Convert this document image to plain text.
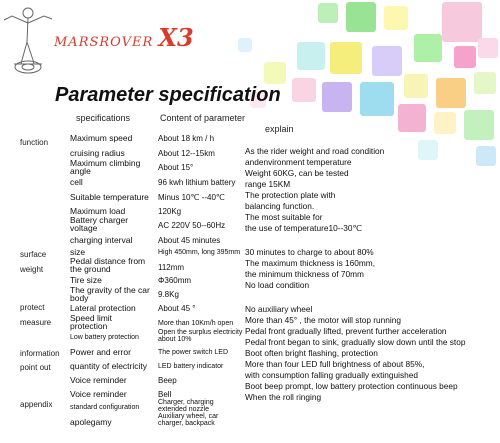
MARSROVER X3
Parameter specification
specifications	Content of parameter
explain
function
surface
weight
protect
measure
information
point out
appendix
Maximum speed
cruising radius
Maximum climbing angle
cell
Suitable temperature
Maximum load
Battery charger voltage
charging interval
size
Pedal distance from the ground
Tire size
The gravity of the car body
Lateral protection
Speed limit protection
Low battery protection
Power and error
quantity of electricity
Voice reminder
Voice reminder
standard configuration
apolegamy
About 18 km / h
About 12--15km
About 15°
96 kwh lithium battery
Minus 10℃ --40℃
120Kg
AC 220V 50--60Hz
About 45 minutes
High 450mm, long 395mm
112mm
Φ360mm
9.8Kg
About 45 °
More than 10Km/h open
Open the surplus electricity about 10%
The power switch LED
LED battery indicator
Beep
Bell
Charger, charging extended nozzle
Auxiliary wheel, car charger, backpack
As the rider weight and road condition
andenvironment temperature
Weight 60KG, can be tested
range 15KM
The protection plate with
balancing function.
The most suitable for
the use of temperature10--30℃
30 minutes to charge to about 80%
The maximum thickness is 160mm,
the minimum thickness of 70mm
No load condition
No auxiliary wheel
More than 45° , the motor will stop running
Pedal front gradually lifted, prevent further acceleration
Pedal front began to sink, gradually slow down until the stop
Boot often bright flashing, protection
More than four LED full brightness of about 85%,
with consumption falling gradually extinguished
Boot beep prompt, low battery protection continuous beep
When the roll ringing
